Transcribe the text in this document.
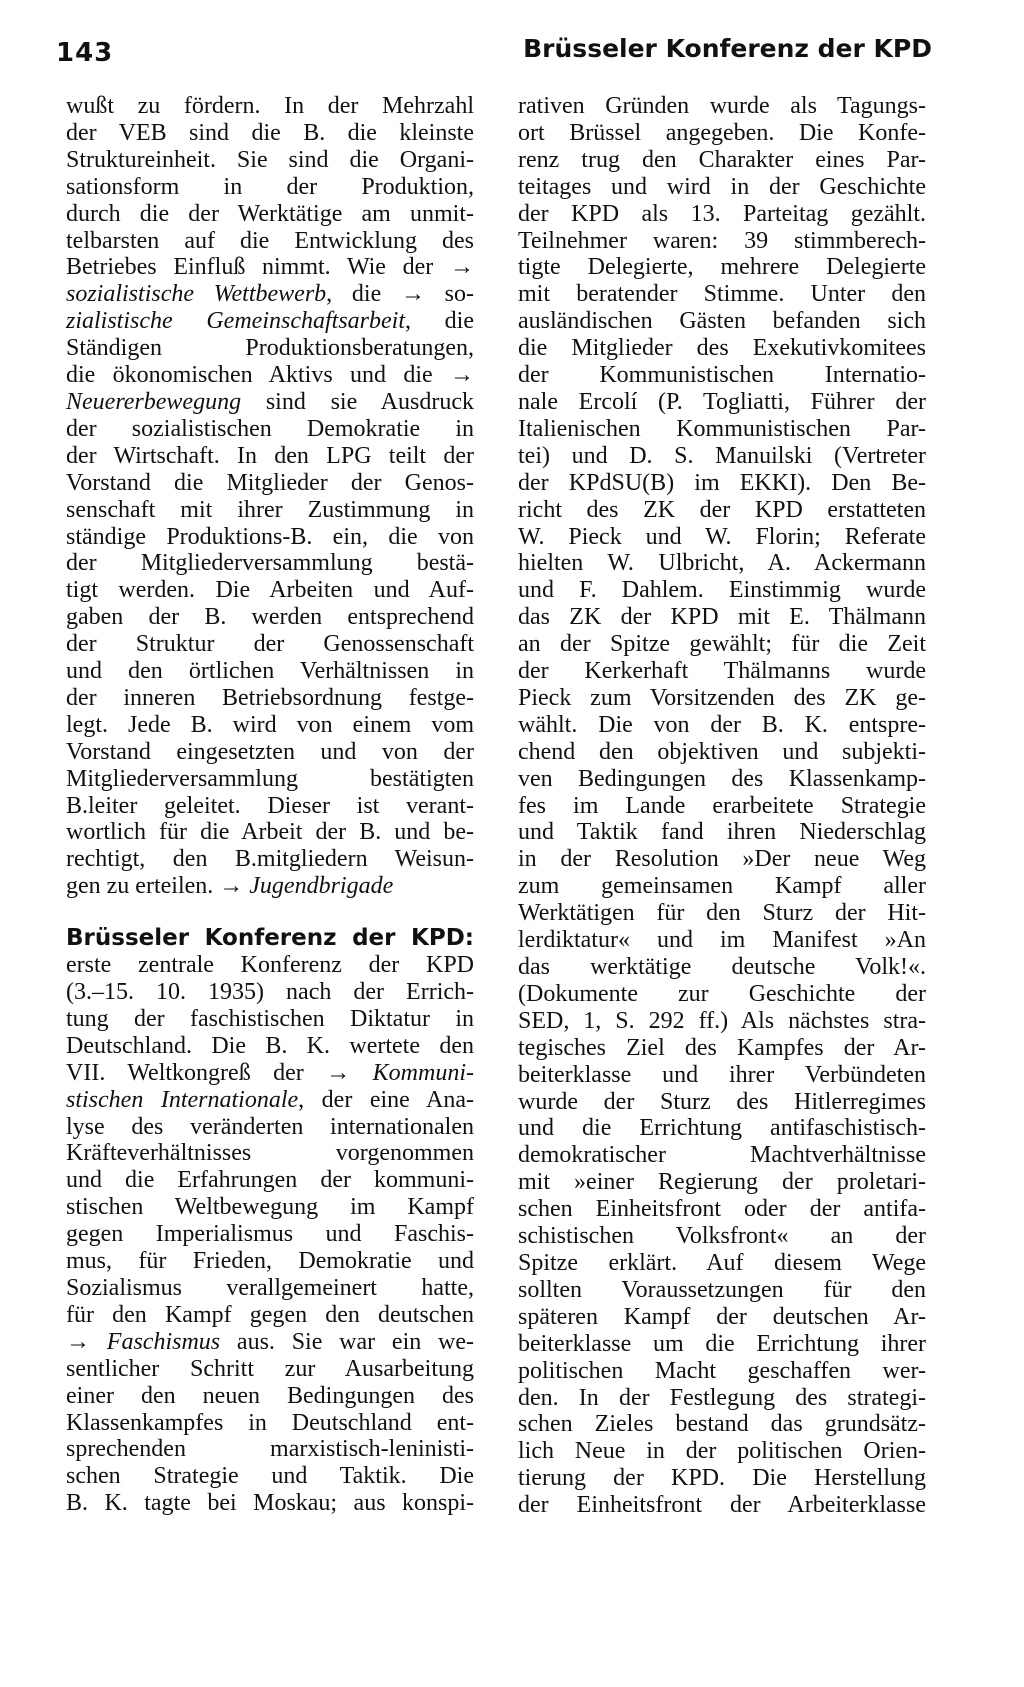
143	Brüsseler Konferenz der KPD
wußt zu fördern. In der Mehrzahl
der VEB sind die B. die kleinste
Struktureinheit. Sie sind die Organi-
sationsform in der Produktion,
durch die der Werktätige am unmit-
telbarsten auf die Entwicklung des
Betriebes Einfluß nimmt. Wie der →
sozialistische Wettbewerb, die → so-
zialistische Gemeinschaftsarbeit, die
Ständigen Produktionsberatungen,
die ökonomischen Aktivs und die →
Neuererbewegung sind sie Ausdruck
der sozialistischen Demokratie in
der Wirtschaft. In den LPG teilt der
Vorstand die Mitglieder der Genos-
senschaft mit ihrer Zustimmung in
ständige Produktions-B. ein, die von
der Mitgliederversammlung bestä-
tigt werden. Die Arbeiten und Auf-
gaben der B. werden entsprechend
der Struktur der Genossenschaft
und den örtlichen Verhältnissen in
der inneren Betriebsordnung festge-
legt. Jede B. wird von einem vom
Vorstand eingesetzten und von der
Mitgliederversammlung bestätigten
B.leiter geleitet. Dieser ist verant-
wortlich für die Arbeit der B. und be-
rechtigt, den B.mitgliedern Weisun-
gen zu erteilen. → Jugendbrigade
Brüsseler Konferenz der KPD:
erste zentrale Konferenz der KPD
(3.–15. 10. 1935) nach der Errich-
tung der faschistischen Diktatur in
Deutschland. Die B. K. wertete den
VII. Weltkongreß der → Kommuni-
stischen Internationale, der eine Ana-
lyse des veränderten internationalen
Kräfteverhältnisses vorgenommen
und die Erfahrungen der kommuni-
stischen Weltbewegung im Kampf
gegen Imperialismus und Faschis-
mus, für Frieden, Demokratie und
Sozialismus verallgemeinert hatte,
für den Kampf gegen den deutschen
→ Faschismus aus. Sie war ein we-
sentlicher Schritt zur Ausarbeitung
einer den neuen Bedingungen des
Klassenkampfes in Deutschland ent-
sprechenden marxistisch-leninisti-
schen Strategie und Taktik. Die
B. K. tagte bei Moskau; aus konspi-
rativen Gründen wurde als Tagungs-
ort Brüssel angegeben. Die Konfe-
renz trug den Charakter eines Par-
teitages und wird in der Geschichte
der KPD als 13. Parteitag gezählt.
Teilnehmer waren: 39 stimmberech-
tigte Delegierte, mehrere Delegierte
mit beratender Stimme. Unter den
ausländischen Gästen befanden sich
die Mitglieder des Exekutivkomitees
der Kommunistischen Internatio-
nale Ercolí (P. Togliatti, Führer der
Italienischen Kommunistischen Par-
tei) und D. S. Manuilski (Vertreter
der KPdSU(B) im EKKI). Den Be-
richt des ZK der KPD erstatteten
W. Pieck und W. Florin; Referate
hielten W. Ulbricht, A. Ackermann
und F. Dahlem. Einstimmig wurde
das ZK der KPD mit E. Thälmann
an der Spitze gewählt; für die Zeit
der Kerkerhaft Thälmanns wurde
Pieck zum Vorsitzenden des ZK ge-
wählt. Die von der B. K. entspre-
chend den objektiven und subjekti-
ven Bedingungen des Klassenkamp-
fes im Lande erarbeitete Strategie
und Taktik fand ihren Niederschlag
in der Resolution »Der neue Weg
zum gemeinsamen Kampf aller
Werktätigen für den Sturz der Hit-
lerdiktatur« und im Manifest »An
das werktätige deutsche Volk!«.
(Dokumente zur Geschichte der
SED, 1, S. 292 ff.) Als nächstes stra-
tegisches Ziel des Kampfes der Ar-
beiterklasse und ihrer Verbündeten
wurde der Sturz des Hitlerregimes
und die Errichtung antifaschistisch-
demokratischer Machtverhältnisse
mit »einer Regierung der proletari-
schen Einheitsfront oder der antifa-
schistischen Volksfront« an der
Spitze erklärt. Auf diesem Wege
sollten Voraussetzungen für den
späteren Kampf der deutschen Ar-
beiterklasse um die Errichtung ihrer
politischen Macht geschaffen wer-
den. In der Festlegung des strategi-
schen Zieles bestand das grundsätz-
lich Neue in der politischen Orien-
tierung der KPD. Die Herstellung
der Einheitsfront der Arbeiterklasse
